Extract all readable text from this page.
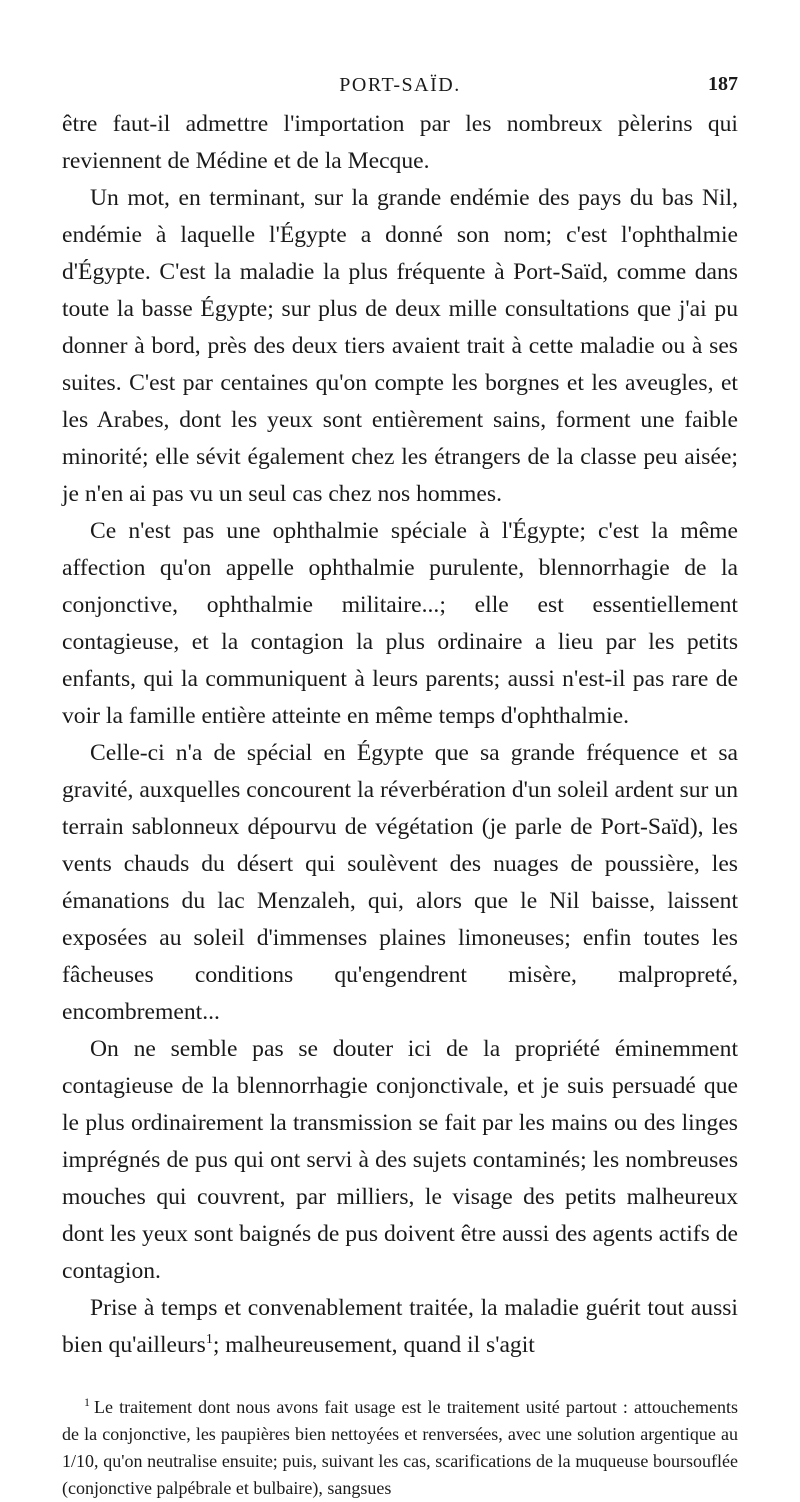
PORT-SAÏD.	187

être faut-il admettre l'importation par les nombreux pèlerins qui reviennent de Médine et de la Mecque.

Un mot, en terminant, sur la grande endémie des pays du bas Nil, endémie à laquelle l'Égypte a donné son nom; c'est l'ophthalmie d'Égypte. C'est la maladie la plus fréquente à Port-Saïd, comme dans toute la basse Égypte; sur plus de deux mille consultations que j'ai pu donner à bord, près des deux tiers avaient trait à cette maladie ou à ses suites. C'est par centaines qu'on compte les borgnes et les aveugles, et les Arabes, dont les yeux sont entièrement sains, forment une faible minorité; elle sévit également chez les étrangers de la classe peu aisée; je n'en ai pas vu un seul cas chez nos hommes.

Ce n'est pas une ophthalmie spéciale à l'Égypte; c'est la même affection qu'on appelle ophthalmie purulente, blennorrhagie de la conjonctive, ophthalmie militaire...; elle est essentiellement contagieuse, et la contagion la plus ordinaire a lieu par les petits enfants, qui la communiquent à leurs parents; aussi n'est-il pas rare de voir la famille entière atteinte en même temps d'ophthalmie.

Celle-ci n'a de spécial en Égypte que sa grande fréquence et sa gravité, auxquelles concourent la réverbération d'un soleil ardent sur un terrain sablonneux dépourvu de végétation (je parle de Port-Saïd), les vents chauds du désert qui soulèvent des nuages de poussière, les émanations du lac Menzaleh, qui, alors que le Nil baisse, laissent exposées au soleil d'immenses plaines limoneuses; enfin toutes les fâcheuses conditions qu'engendrent misère, malpropreté, encombrement...

On ne semble pas se douter ici de la propriété éminemment contagieuse de la blennorrhagie conjonctivale, et je suis persuadé que le plus ordinairement la transmission se fait par les mains ou des linges imprégnés de pus qui ont servi à des sujets contaminés; les nombreuses mouches qui couvrent, par milliers, le visage des petits malheureux dont les yeux sont baignés de pus doivent être aussi des agents actifs de contagion.

Prise à temps et convenablement traitée, la maladie guérit tout aussi bien qu'ailleurs$^1$; malheureusement, quand il s'agit

$^1$ Le traitement dont nous avons fait usage est le traitement usité partout : attouchements de la conjonctive, les paupières bien nettoyées et renversées, avec une solution argentique au 1/10, qu'on neutralise ensuite; puis, suivant les cas, scarifications de la muqueuse boursouflée (conjonctive palpébrale et bulbaire), sangsues
